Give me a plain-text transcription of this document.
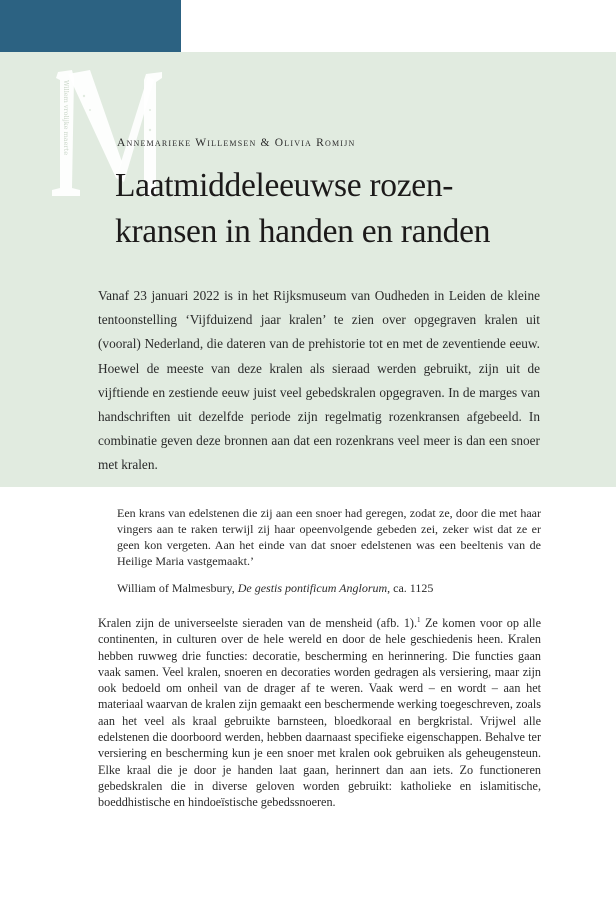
Willem vrolijke maerte	Annemarieke Willemsen & Olivia Romijn
Laatmiddeleeuwse rozen-
kransen in handen en randen

Vanaf 23 januari 2022 is in het Rijksmuseum van Oudheden in Leiden de kleine tentoonstelling ‘Vijfduizend jaar kralen’ te zien over opgegraven kralen uit (vooral) Nederland, die dateren van de prehistorie tot en met de zeventiende eeuw. Hoewel de meeste van deze kralen als sieraad werden gebruikt, zijn uit de vijftiende en zestiende eeuw juist veel gebedskralen opgegraven. In de marges van handschriften uit dezelfde periode zijn regelmatig rozenkransen afgebeeld. In combinatie geven deze bronnen aan dat een rozenkrans veel meer is dan een snoer met kralen.

Een krans van edelstenen die zij aan een snoer had geregen, zodat ze, door die met haar vingers aan te raken terwijl zij haar opeenvolgende gebeden zei, zeker wist dat ze er geen kon vergeten. Aan het einde van dat snoer edelstenen was een beeltenis van de Heilige Maria vastgemaakt.’

William of Malmesbury, De gestis pontificum Anglorum, ca. 1125

Kralen zijn de universeelste sieraden van de mensheid (afb. 1).$^1$ Ze komen voor op alle continenten, in culturen over de hele wereld en door de hele geschiedenis heen. Kralen hebben ruwweg drie functies: decoratie, bescherming en herinnering. Die functies gaan vaak samen. Veel kralen, snoeren en decoraties worden gedragen als versiering, maar zijn ook bedoeld om onheil van de drager af te weren. Vaak werd – en wordt – aan het materiaal waarvan de kralen zijn gemaakt een beschermende werking toegeschreven, zoals aan het veel als kraal gebruikte barnsteen, bloedkoraal en bergkristal. Vrijwel alle edelstenen die doorboord werden, hebben daarnaast specifieke eigenschappen. Behalve ter versiering en bescherming kun je een snoer met kralen ook gebruiken als geheugensteun. Elke kraal die je door je handen laat gaan, herinnert dan aan iets. Zo functioneren gebedskralen die in diverse geloven worden gebruikt: katholieke en islamitische, boeddhistische en hindoeïstische gebedssnoeren.
